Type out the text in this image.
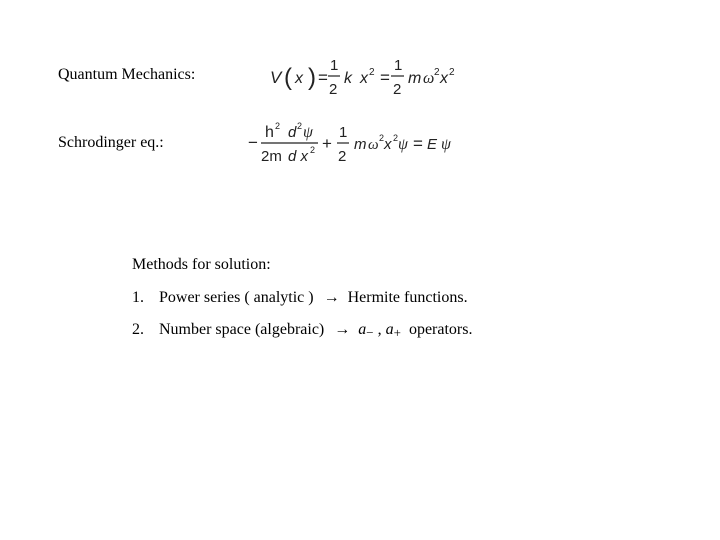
Quantum Mechanics:	V ( x ) =
1
2
k x 2 =
1
2
m ω 2 x 2
Schrodinger eq.:	−
h 2 d 2 ψ
2m d x 2 +
1
2
m ω 2 x 2 ψ = E ψ
Methods for solution:
1. Power series ( analytic ) → Hermite functions.
2. Number space (algebraic) → $a_-$ , $a_+$ operators.
